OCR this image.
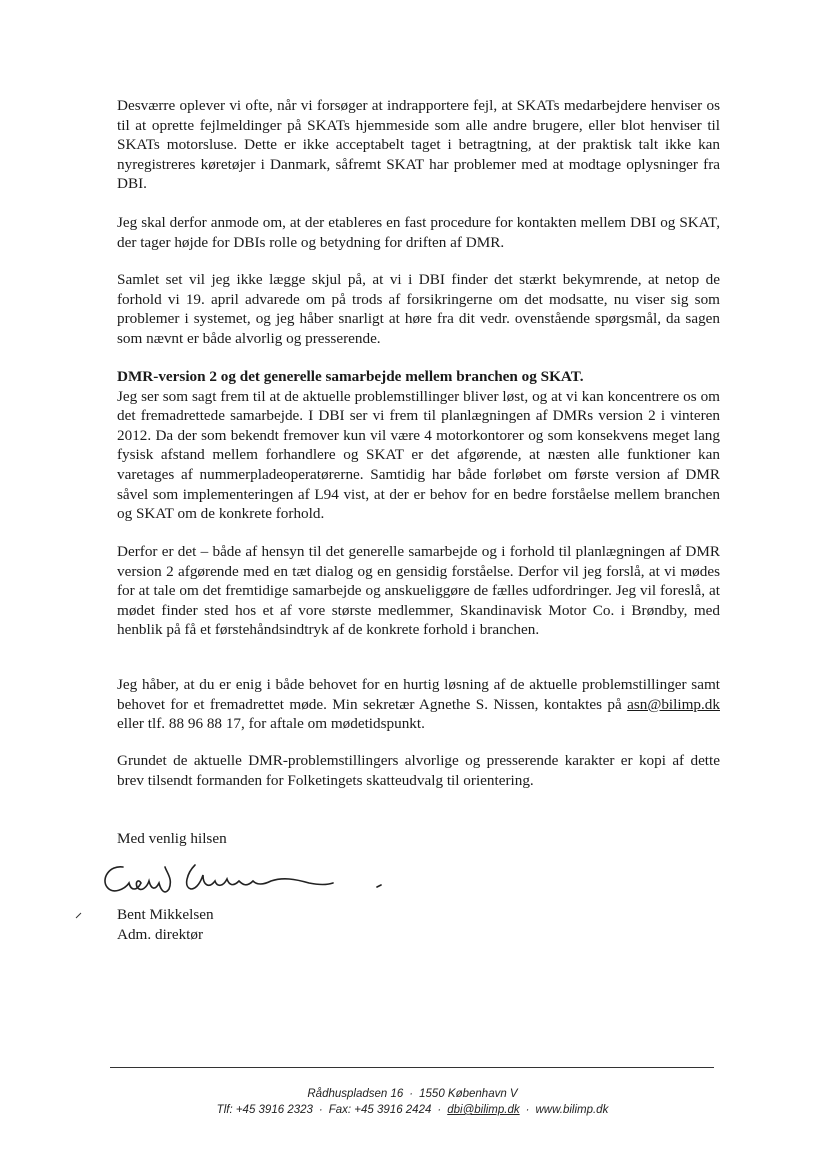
Desværre oplever vi ofte, når vi forsøger at indrapportere fejl, at SKATs medarbejdere henviser os til at oprette fejlmeldinger på SKATs hjemmeside som alle andre brugere, eller blot henviser til SKATs motorsluse. Dette er ikke acceptabelt taget i betragtning, at der praktisk talt ikke kan nyregistreres køretøjer i Danmark, såfremt SKAT har problemer med at modtage oplysninger fra DBI.

Jeg skal derfor anmode om, at der etableres en fast procedure for kontakten mellem DBI og SKAT, der tager højde for DBIs rolle og betydning for driften af DMR.

Samlet set vil jeg ikke lægge skjul på, at vi i DBI finder det stærkt bekymrende, at netop de forhold vi 19. april advarede om på trods af forsikringerne om det modsatte, nu viser sig som problemer i systemet, og jeg håber snarligt at høre fra dit vedr. ovenstående spørgsmål, da sagen som nævnt er både alvorlig og presserende.

DMR-version 2 og det generelle samarbejde mellem branchen og SKAT.
Jeg ser som sagt frem til at de aktuelle problemstillinger bliver løst, og at vi kan koncentrere os om det fremadrettede samarbejde. I DBI ser vi frem til planlægningen af DMRs version 2 i vinteren 2012. Da der som bekendt fremover kun vil være 4 motorkontorer og som konsekvens meget lang fysisk afstand mellem forhandlere og SKAT er det afgørende, at næsten alle funktioner kan varetages af nummerpladeoperatørerne. Samtidig har både forløbet om første version af DMR såvel som implementeringen af L94 vist, at der er behov for en bedre forståelse mellem branchen og SKAT om de konkrete forhold.

Derfor er det – både af hensyn til det generelle samarbejde og i forhold til planlægningen af DMR version 2 afgørende med en tæt dialog og en gensidig forståelse. Derfor vil jeg forslå, at vi mødes for at tale om det fremtidige samarbejde og anskueliggøre de fælles udfordringer. Jeg vil foreslå, at mødet finder sted hos et af vore største medlemmer, Skandinavisk Motor Co. i Brøndby, med henblik på få et førstehåndsindtryk af de konkrete forhold i branchen.

Jeg håber, at du er enig i både behovet for en hurtig løsning af de aktuelle problemstillinger samt behovet for et fremadrettet møde. Min sekretær Agnethe S. Nissen, kontaktes på asn@bilimp.dk eller tlf. 88 96 88 17, for aftale om mødetidspunkt.

Grundet de aktuelle DMR-problemstillingers alvorlige og presserende karakter er kopi af dette brev tilsendt formanden for Folketingets skatteudvalg til orientering.

Med venlig hilsen

Bent Mikkelsen
Adm. direktør
Rådhuspladsen 16 · 1550 København V
Tlf: +45 3916 2323 · Fax: +45 3916 2424 · dbi@bilimp.dk · www.bilimp.dk
